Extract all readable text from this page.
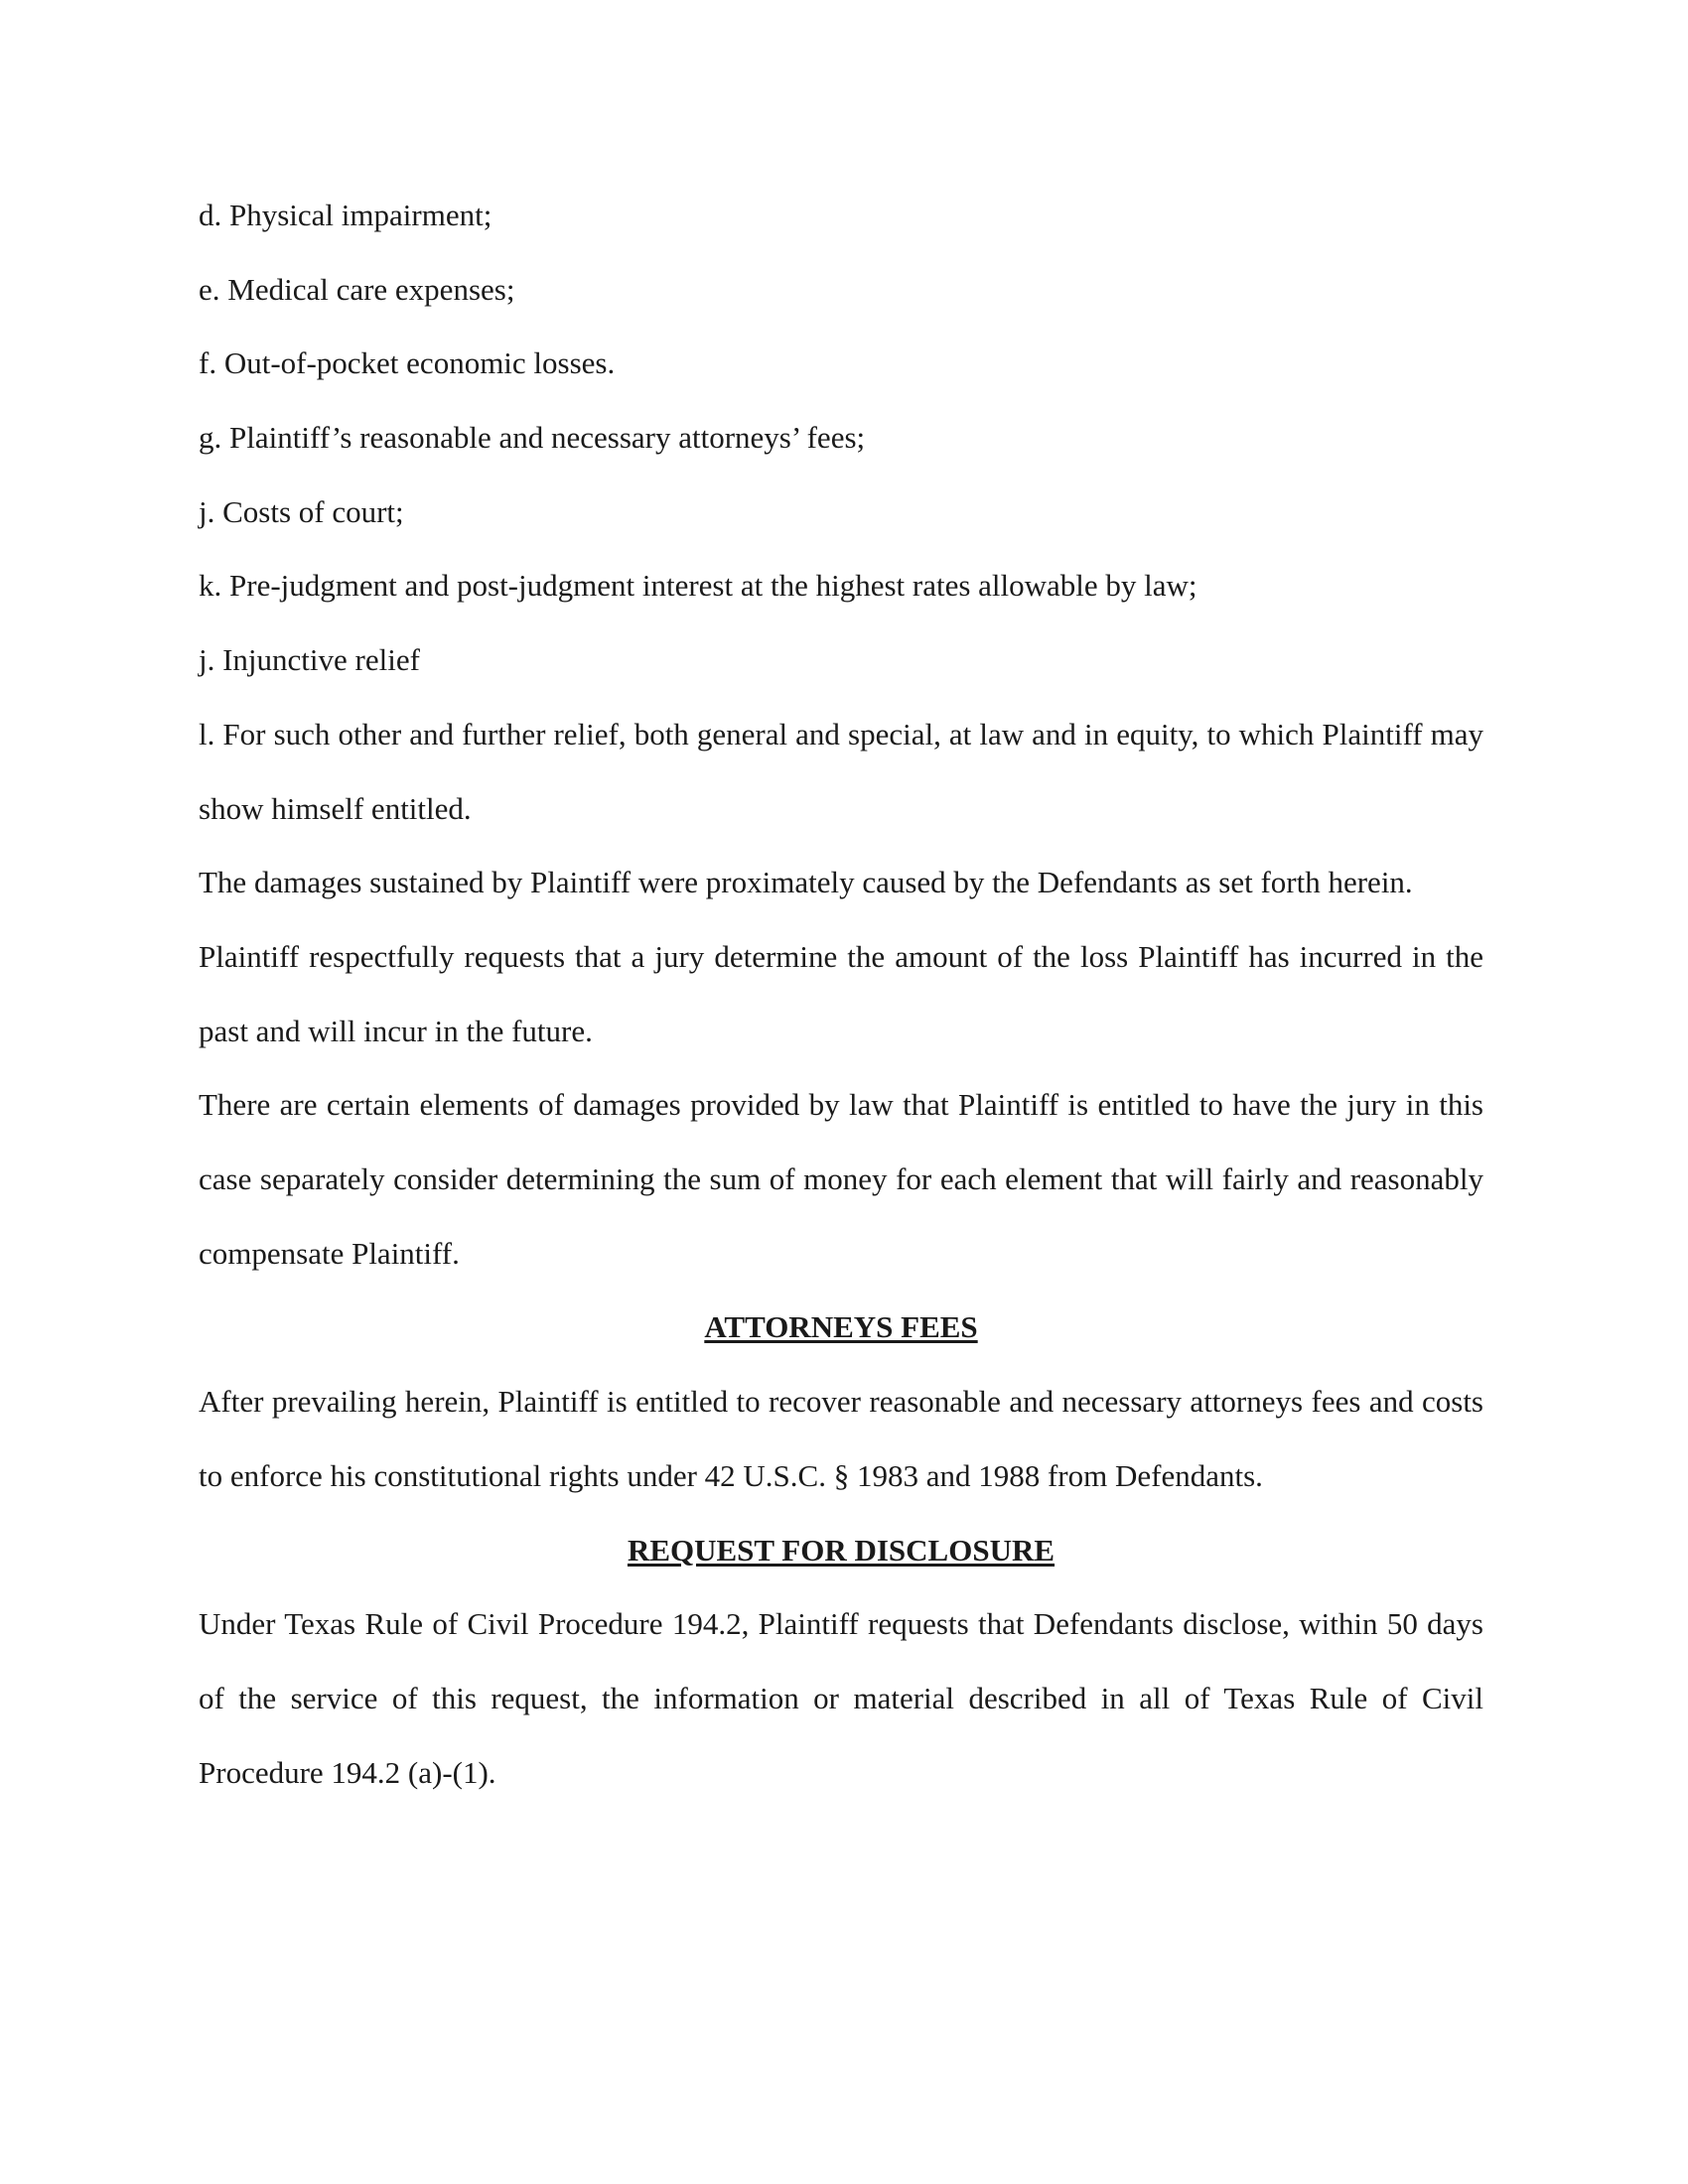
d. Physical impairment;
e. Medical care expenses;
f. Out-of-pocket economic losses.
g. Plaintiff’s reasonable and necessary attorneys’ fees;
j. Costs of court;
k. Pre-judgment and post-judgment interest at the highest rates allowable by law;
j. Injunctive relief

l. For such other and further relief, both general and special, at law and in equity, to which Plaintiff may show himself entitled.

The damages sustained by Plaintiff were proximately caused by the Defendants as set forth herein.

Plaintiff respectfully requests that a jury determine the amount of the loss Plaintiff has incurred in the past and will incur in the future.

There are certain elements of damages provided by law that Plaintiff is entitled to have the jury in this case separately consider determining the sum of money for each element that will fairly and reasonably compensate Plaintiff.

ATTORNEYS FEES

After prevailing herein, Plaintiff is entitled to recover reasonable and necessary attorneys fees and costs to enforce his constitutional rights under 42 U.S.C. § 1983 and 1988 from Defendants.

REQUEST FOR DISCLOSURE

Under Texas Rule of Civil Procedure 194.2, Plaintiff requests that Defendants disclose, within 50 days of the service of this request, the information or material described in all of Texas Rule of Civil Procedure 194.2 (a)-(1).
